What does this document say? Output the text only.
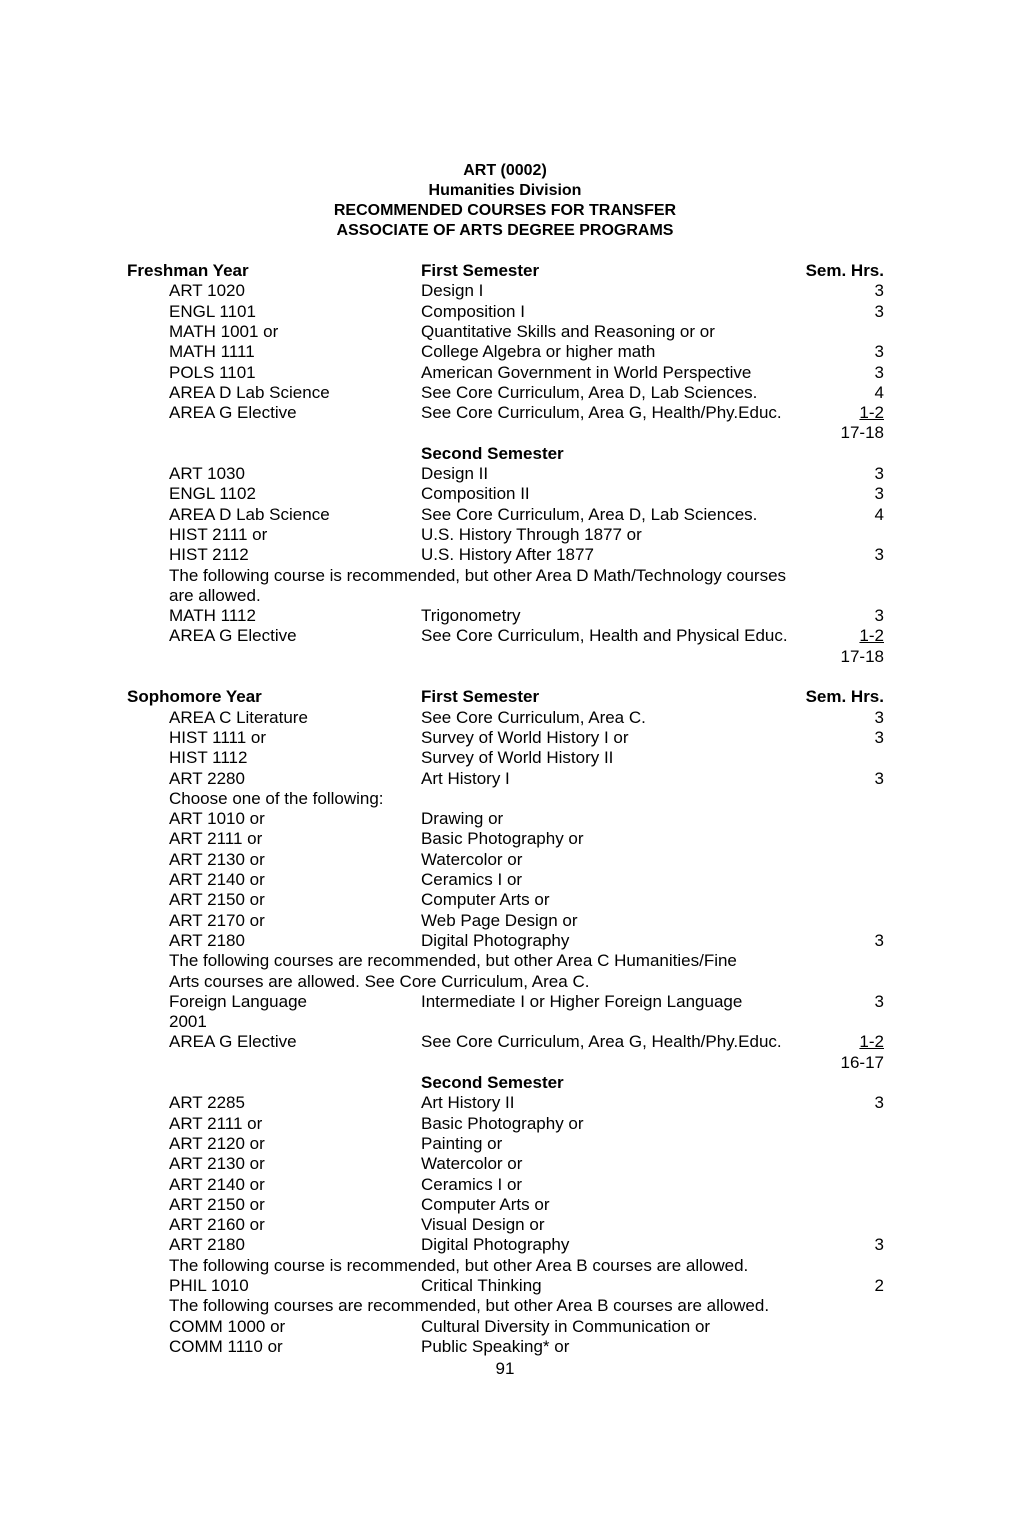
ART (0002)
Humanities Division
RECOMMENDED COURSES FOR TRANSFER
ASSOCIATE OF ARTS DEGREE PROGRAMS
Freshman Year	First Semester	Sem. Hrs.
ART 1020	Design I	3
ENGL 1101	Composition I	3
MATH 1001 or	Quantitative Skills and Reasoning or or
MATH 1111	College Algebra or higher math	3
POLS 1101	American Government in World Perspective	3
AREA D Lab Science	See Core Curriculum, Area D, Lab Sciences.	4
AREA G Elective	See Core Curriculum, Area G, Health/Phy.Educ.	1-2
17-18
Second Semester
ART 1030	Design II	3
ENGL 1102	Composition II	3
AREA D Lab Science	See Core Curriculum, Area D, Lab Sciences.	4
HIST 2111 or	U.S. History Through 1877 or
HIST 2112	U.S. History After 1877	3
The following course is recommended, but other Area D Math/Technology courses
are allowed.
MATH 1112	Trigonometry	3
AREA G Elective	See Core Curriculum, Health and Physical Educ.	1-2
17-18
Sophomore Year	First Semester	Sem. Hrs.
AREA C Literature	See Core Curriculum, Area C.	3
HIST 1111 or	Survey of World History I or	3
HIST 1112	Survey of World History II
ART 2280	Art History I	3
Choose one of the following:
ART 1010 or	Drawing or
ART 2111 or	Basic Photography or
ART 2130 or	Watercolor or
ART 2140 or	Ceramics I or
ART 2150 or	Computer Arts or
ART 2170 or	Web Page Design or
ART 2180	Digital Photography	3
The following courses are recommended, but other Area C Humanities/Fine
Arts courses are allowed. See Core Curriculum, Area C.
Foreign Language	Intermediate I or Higher Foreign Language	3
2001
AREA G Elective	See Core Curriculum, Area G, Health/Phy.Educ.	1-2
16-17
Second Semester
ART 2285	Art History II	3
ART 2111 or	Basic Photography or
ART 2120 or	Painting or
ART 2130 or	Watercolor or
ART 2140 or	Ceramics I or
ART 2150 or	Computer Arts or
ART 2160 or	Visual Design or
ART 2180	Digital Photography	3
The following course is recommended, but other Area B courses are allowed.
PHIL 1010	Critical Thinking	2
The following courses are recommended, but other Area B courses are allowed.
COMM 1000 or	Cultural Diversity in Communication or
COMM 1110 or	Public Speaking* or
91
